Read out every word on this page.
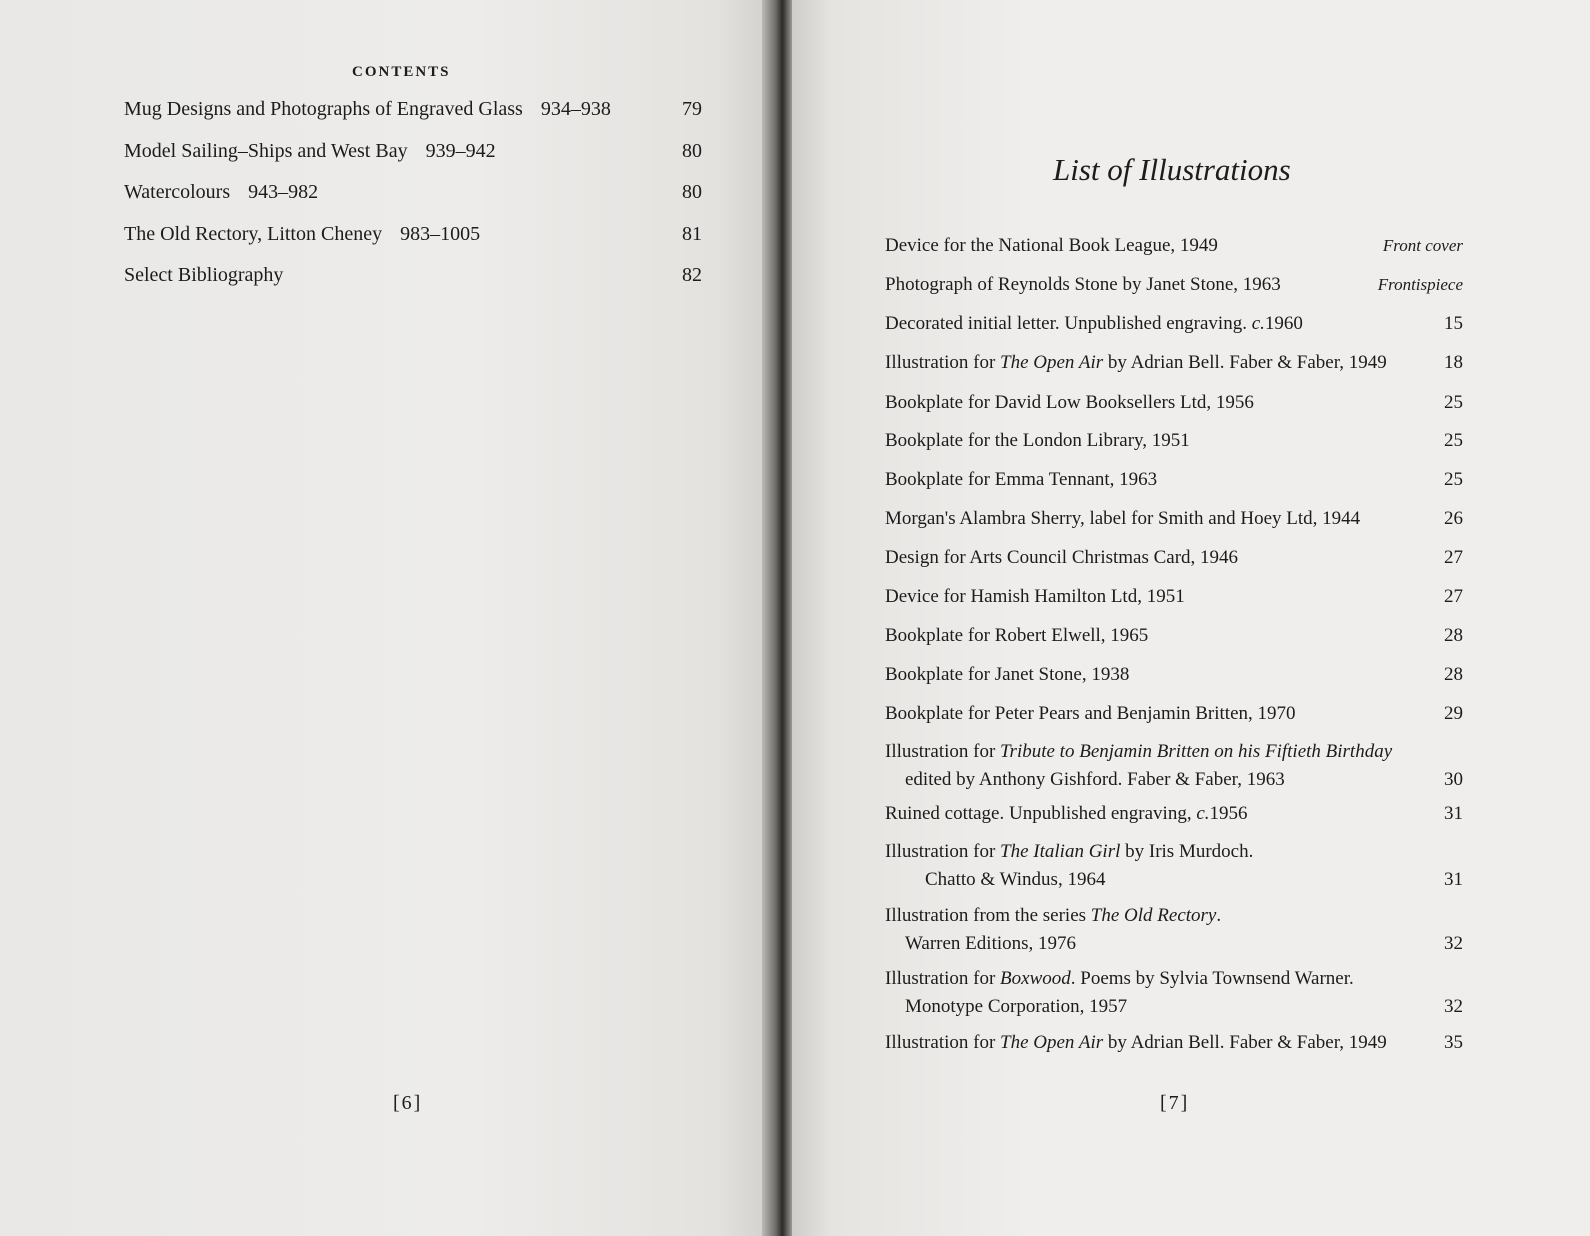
CONTENTS
Mug Designs and Photographs of Engraved Glass 934–938	79
Model Sailing–Ships and West Bay 939–942	80
Watercolours 943–982	80
The Old Rectory, Litton Cheney 983–1005	81
Select Bibliography	82
[6]
List of Illustrations
Device for the National Book League, 1949	Front cover
Photograph of Reynolds Stone by Janet Stone, 1963	Frontispiece
Decorated initial letter. Unpublished engraving. c.1960	15
Illustration for The Open Air by Adrian Bell. Faber & Faber, 1949	18
Bookplate for David Low Booksellers Ltd, 1956	25
Bookplate for the London Library, 1951	25
Bookplate for Emma Tennant, 1963	25
Morgan's Alambra Sherry, label for Smith and Hoey Ltd, 1944	26
Design for Arts Council Christmas Card, 1946	27
Device for Hamish Hamilton Ltd, 1951	27
Bookplate for Robert Elwell, 1965	28
Bookplate for Janet Stone, 1938	28
Bookplate for Peter Pears and Benjamin Britten, 1970	29
Illustration for Tribute to Benjamin Britten on his Fiftieth Birthday
edited by Anthony Gishford. Faber & Faber, 1963	30
Ruined cottage. Unpublished engraving, c.1956	31
Illustration for The Italian Girl by Iris Murdoch.
Chatto & Windus, 1964	31
Illustration from the series The Old Rectory.
Warren Editions, 1976	32
Illustration for Boxwood. Poems by Sylvia Townsend Warner.
Monotype Corporation, 1957	32
Illustration for The Open Air by Adrian Bell. Faber & Faber, 1949	35
[7]
